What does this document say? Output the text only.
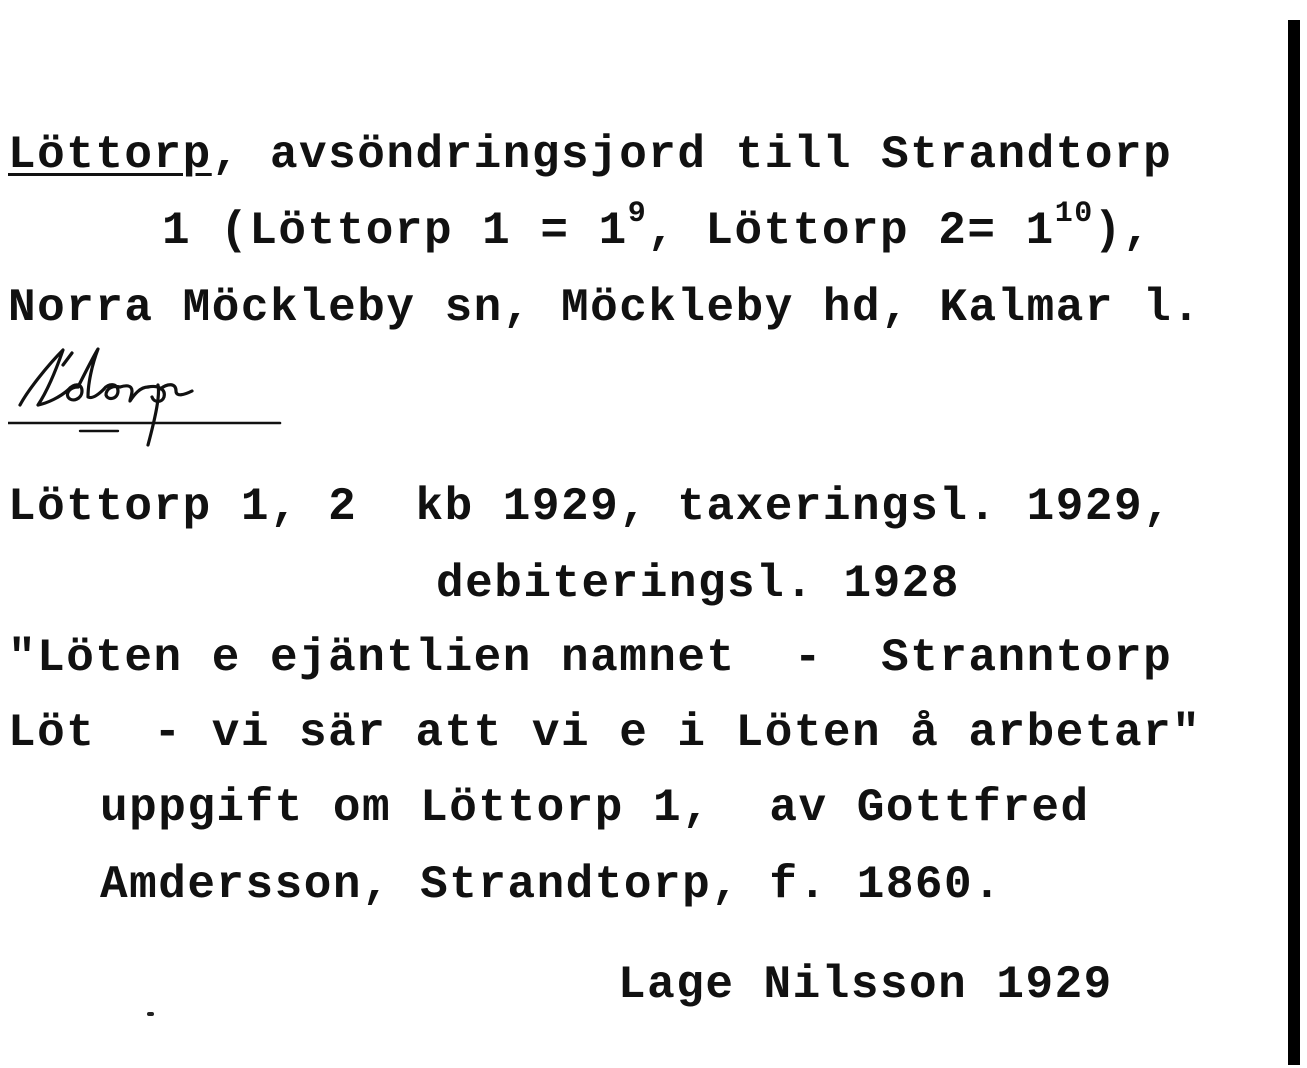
Löttorp, avsöndringsjord till Strandtorp
1 (Löttorp $1 = 1^9$, Löttorp $2= 1^{10}$),
Norra Möckleby sn, Möckleby hd, Kalmar l.
Löttorp 1, 2  kb 1929, taxeringsl. 1929,
debiteringsl. 1928
"Löten e ejäntlien namnet  -  Stranntorp
Löt  - vi sär att vi e i Löten å arbetar"
uppgift om Löttorp 1,  av Gottfred
Amdersson, Strandtorp, f. 1860.
Lage Nilsson 1929
